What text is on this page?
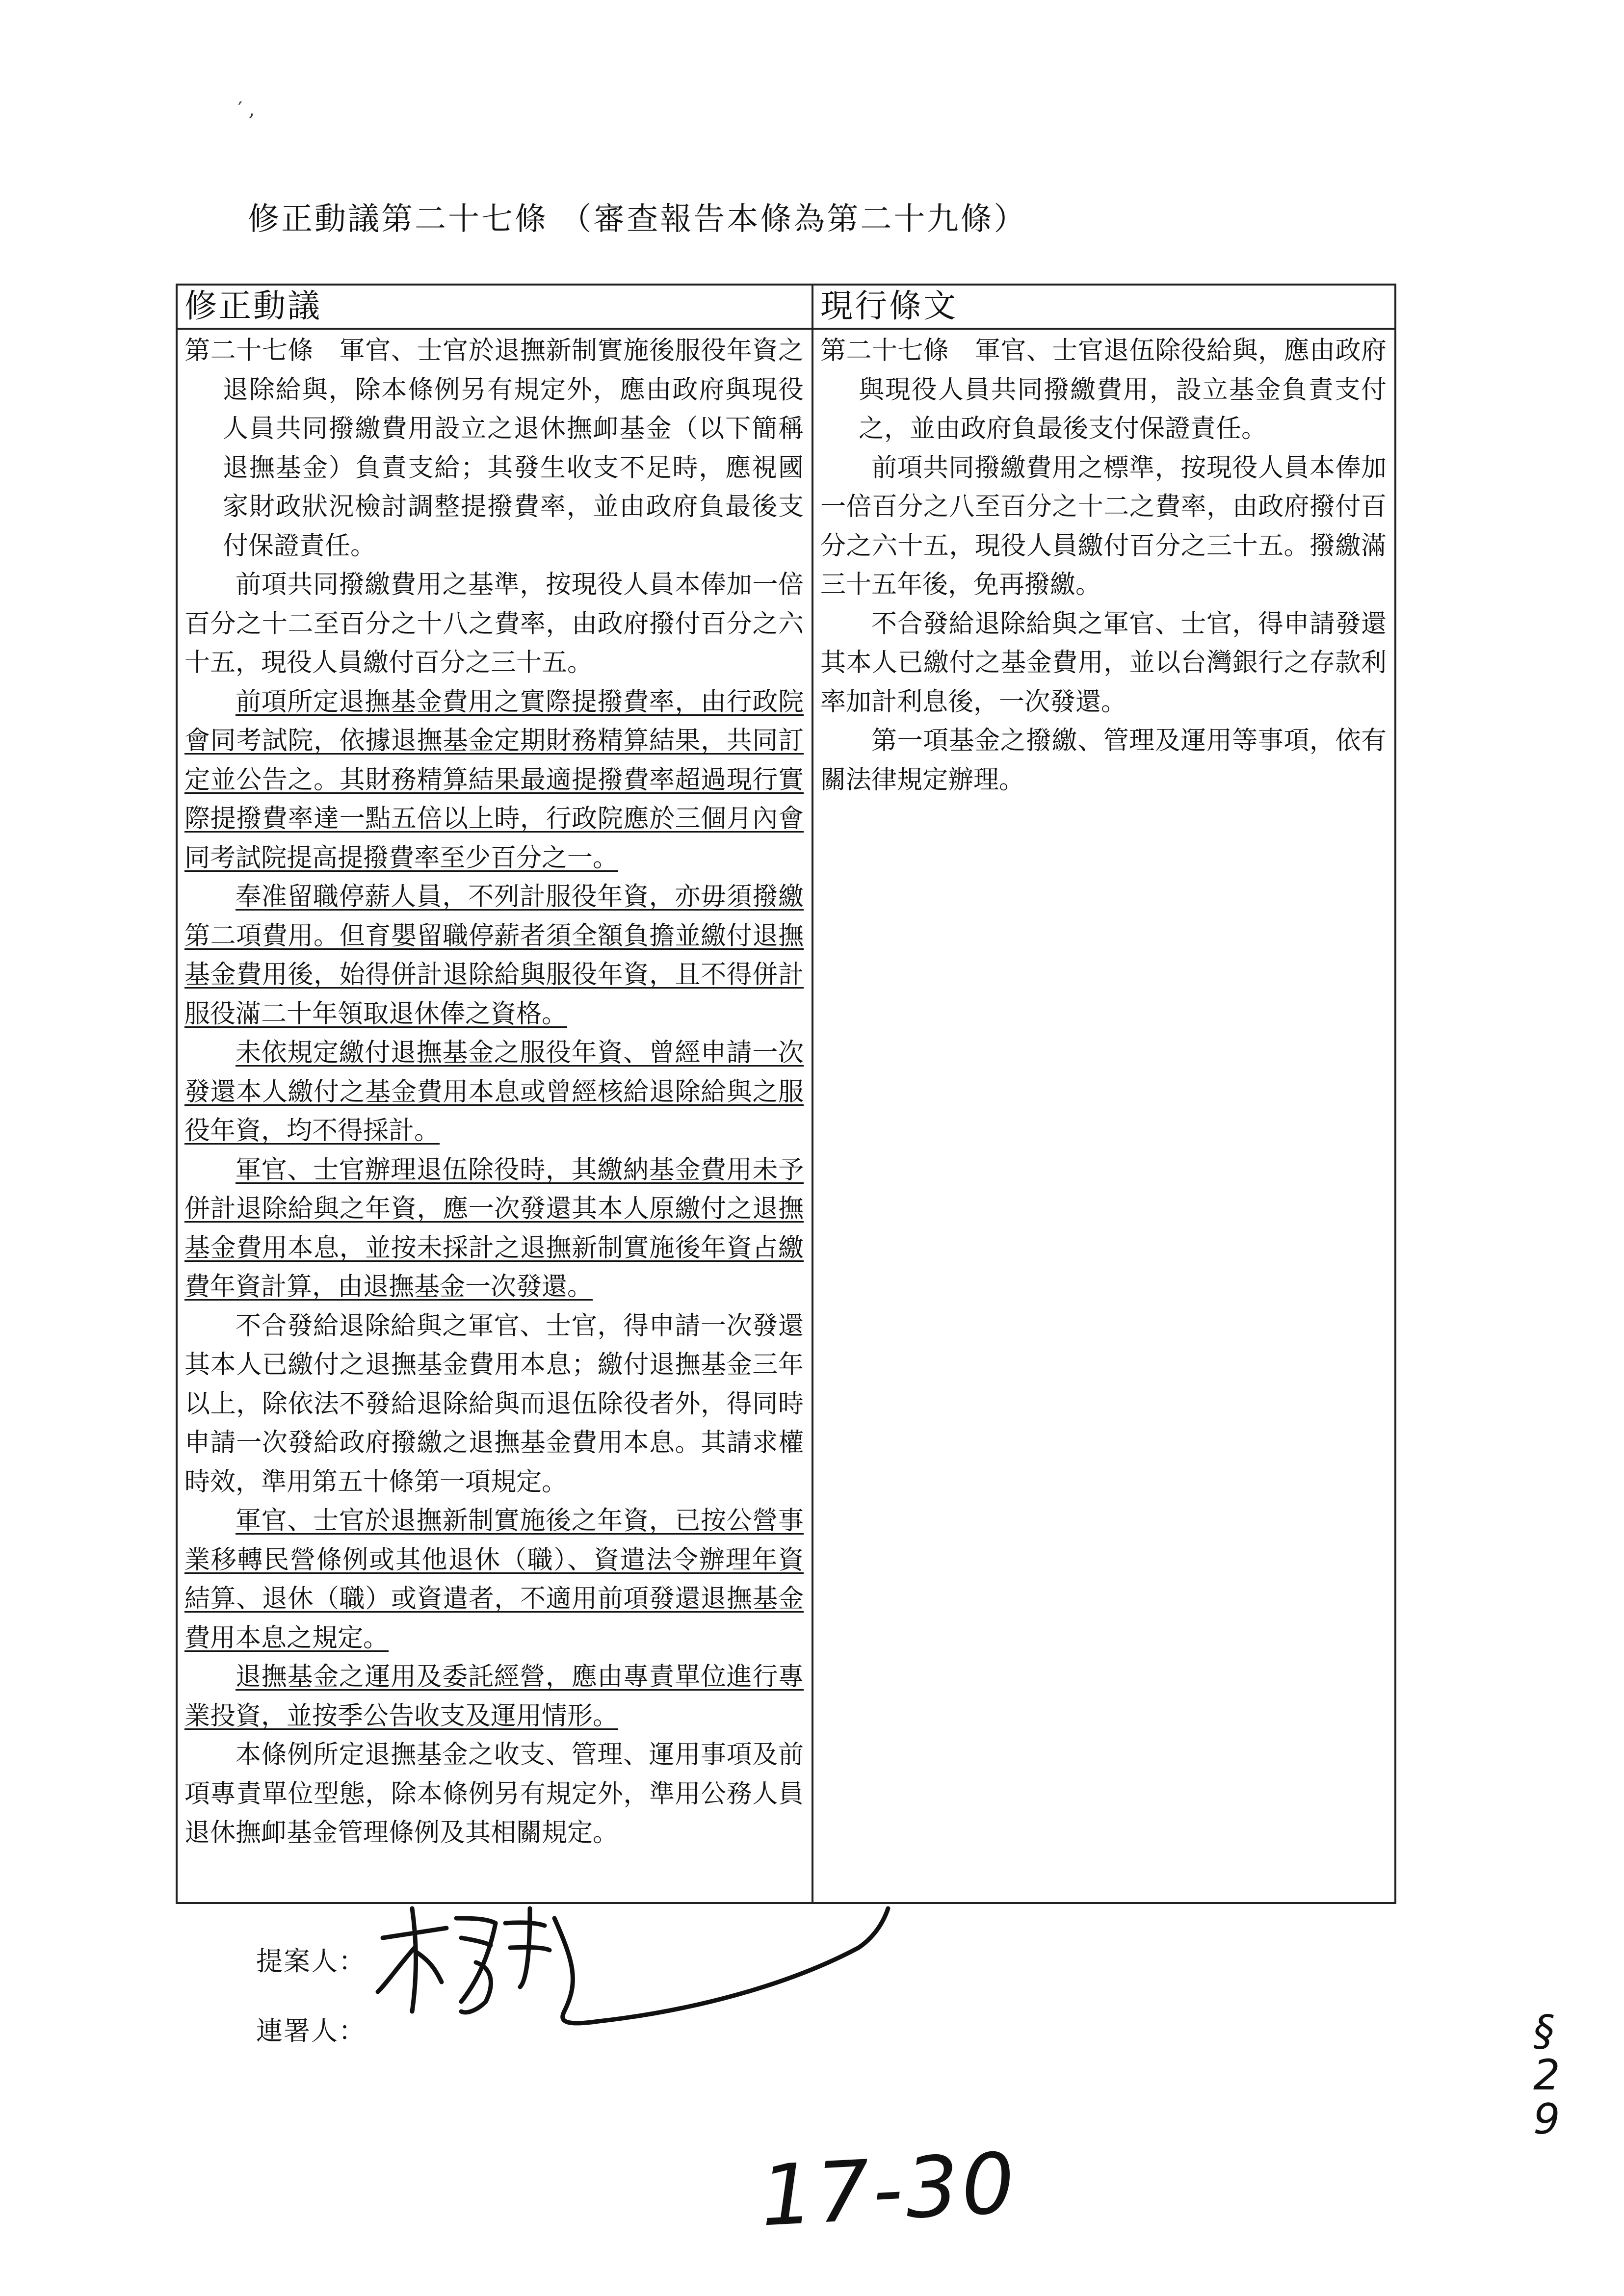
′ ,
修正動議第二十七條 （審查報告本條為第二十九條）
修正動議

第二十七條　軍官、士官於退撫新制實施後服役年資之退除給與，除本條例另有規定外，應由政府與現役人員共同撥繳費用設立之退休撫卹基金（以下簡稱退撫基金）負責支給；其發生收支不足時，應視國家財政狀況檢討調整提撥費率，並由政府負最後支付保證責任。

前項共同撥繳費用之基準，按現役人員本俸加一倍百分之十二至百分之十八之費率，由政府撥付百分之六十五，現役人員繳付百分之三十五。

前項所定退撫基金費用之實際提撥費率，由行政院會同考試院，依據退撫基金定期財務精算結果，共同訂定並公告之。其財務精算結果最適提撥費率超過現行實際提撥費率達一點五倍以上時，行政院應於三個月內會同考試院提高提撥費率至少百分之一。

奉准留職停薪人員，不列計服役年資，亦毋須撥繳第二項費用。但育嬰留職停薪者須全額負擔並繳付退撫基金費用後，始得併計退除給與服役年資，且不得併計服役滿二十年領取退休俸之資格。

未依規定繳付退撫基金之服役年資、曾經申請一次發還本人繳付之基金費用本息或曾經核給退除給與之服役年資，均不得採計。

軍官、士官辦理退伍除役時，其繳納基金費用未予併計退除給與之年資，應一次發還其本人原繳付之退撫基金費用本息，並按未採計之退撫新制實施後年資占繳費年資計算，由退撫基金一次發還。

不合發給退除給與之軍官、士官，得申請一次發還其本人已繳付之退撫基金費用本息；繳付退撫基金三年以上，除依法不發給退除給與而退伍除役者外，得同時申請一次發給政府撥繳之退撫基金費用本息。其請求權時效，準用第五十條第一項規定。

軍官、士官於退撫新制實施後之年資，已按公營事業移轉民營條例或其他退休（職）、資遣法令辦理年資結算、退休（職）或資遣者，不適用前項發還退撫基金費用本息之規定。

退撫基金之運用及委託經營，應由專責單位進行專業投資，並按季公告收支及運用情形。

本條例所定退撫基金之收支、管理、運用事項及前項專責單位型態，除本條例另有規定外，準用公務人員退休撫卹基金管理條例及其相關規定。

現行條文

第二十七條　軍官、士官退伍除役給與，應由政府與現役人員共同撥繳費用，設立基金負責支付之，並由政府負最後支付保證責任。

前項共同撥繳費用之標準，按現役人員本俸加一倍百分之八至百分之十二之費率，由政府撥付百分之六十五，現役人員繳付百分之三十五。撥繳滿三十五年後，免再撥繳。

不合發給退除給與之軍官、士官，得申請發還其本人已繳付之基金費用，並以台灣銀行之存款利率加計利息後，一次發還。

第一項基金之撥繳、管理及運用等事項，依有關法律規定辦理。

提案人：
連署人：
17-30
§ 29
